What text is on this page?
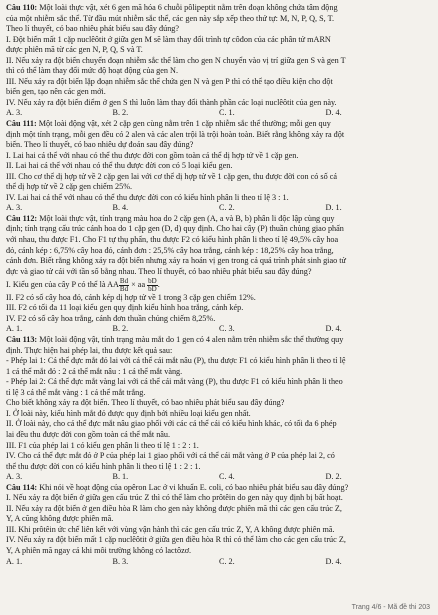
Câu 110: Một loài thực vật, xét 6 gen mã hóa 6 chuỗi pôlipeptit nằm trên đoạn không chứa tâm động

của một nhiễm sắc thể. Từ đầu mút nhiễm sắc thể, các gen này sắp xếp theo thứ tự: M, N, P, Q, S, T.

Theo lí thuyết, có bao nhiêu phát biểu sau đây đúng?

I. Đột biến mất 1 cặp nuclêôtit ở giữa gen M sẽ làm thay đổi trình tự côđon của các phân tử mARN

được phiên mã từ các gen N, P, Q, S và T.

II. Nếu xảy ra đột biến chuyển đoạn nhiễm sắc thể làm cho gen N chuyển vào vị trí giữa gen S và gen T

thì có thể làm thay đổi mức độ hoạt động của gen N.

III. Nếu xảy ra đột biến lặp đoạn nhiễm sắc thể chứa gen N và gen P thì có thể tạo điều kiện cho đột

biến gen, tạo nên các gen mới.

IV. Nếu xảy ra đột biến điểm ở gen S thì luôn làm thay đổi thành phần các loại nuclêôtit của gen này.

A. 3.	B. 2.	C. 1.	D. 4.

Câu 111: Một loài động vật, xét 2 cặp gen cùng nằm trên 1 cặp nhiễm sắc thể thường; mỗi gen quy

định một tính trạng, mỗi gen đều có 2 alen và các alen trội là trội hoàn toàn. Biết rằng không xảy ra đột

biến. Theo lí thuyết, có bao nhiêu dự đoán sau đây đúng?

I. Lai hai cá thể với nhau có thể thu được đời con gồm toàn cá thể dị hợp tử về 1 cặp gen.

II. Lai hai cá thể với nhau có thể thu được đời con có 5 loại kiểu gen.

III. Cho cơ thể dị hợp tử về 2 cặp gen lai với cơ thể dị hợp tử về 1 cặp gen, thu được đời con có số cá

thể dị hợp tử về 2 cặp gen chiếm 25%.

IV. Lai hai cá thể với nhau có thể thu được đời con có kiểu hình phân li theo tỉ lệ 3 : 1.

A. 3.	B. 4.	C. 2.	D. 1.

Câu 112: Một loài thực vật, tính trạng màu hoa do 2 cặp gen (A, a và B, b) phân li độc lập cùng quy

định; tính trạng cấu trúc cánh hoa do 1 cặp gen (D, d) quy định. Cho hai cây (P) thuần chủng giao phấn

với nhau, thu được F1. Cho F1 tự thụ phấn, thu được F2 có kiểu hình phân li theo tỉ lệ 49,5% cây hoa

đỏ, cánh kép : 6,75% cây hoa đỏ, cánh đơn : 25,5% cây hoa trắng, cánh kép : 18,25% cây hoa trắng,

cánh đơn. Biết rằng không xảy ra đột biến nhưng xảy ra hoán vị gen trong cả quá trình phát sinh giao tử

đực và giao tử cái với tần số bằng nhau. Theo lí thuyết, có bao nhiêu phát biểu sau đây đúng?

I. Kiểu gen của cây P có thể là AA $\frac{Bd}{Bd}$ × aa $\frac{bD}{bD}$ .

II. F2 có số cây hoa đỏ, cánh kép dị hợp tử về 1 trong 3 cặp gen chiếm 12%.

III. F2 có tối đa 11 loại kiểu gen quy định kiểu hình hoa trắng, cánh kép.

IV. F2 có số cây hoa trắng, cánh đơn thuần chủng chiếm 8,25%.

A. 1.	B. 2.	C. 3.	D. 4.

Câu 113: Một loài động vật, tính trạng màu mắt do 1 gen có 4 alen nằm trên nhiễm sắc thể thường quy

định. Thực hiện hai phép lai, thu được kết quả sau:

- Phép lai 1: Cá thể đực mắt đỏ lai với cá thể cái mắt nâu (P), thu được F1 có kiểu hình phân li theo tỉ lệ

1 cá thể mắt đỏ : 2 cá thể mắt nâu : 1 cá thể mắt vàng.

- Phép lai 2: Cá thể đực mắt vàng lai với cá thể cái mắt vàng (P), thu được F1 có kiểu hình phân li theo

tỉ lệ 3 cá thể mắt vàng : 1 cá thể mắt trắng.

Cho biết không xảy ra đột biến. Theo lí thuyết, có bao nhiêu phát biểu sau đây đúng?

I. Ở loài này, kiểu hình mắt đỏ được quy định bởi nhiều loại kiểu gen nhất.

II. Ở loài này, cho cá thể đực mắt nâu giao phối với các cá thể cái có kiểu hình khác, có tối đa 6 phép

lai đều thu được đời con gồm toàn cá thể mắt nâu.

III. F1 của phép lai 1 có kiểu gen phân li theo tỉ lệ 1 : 2 : 1.

IV. Cho cá thể đực mắt đỏ ở P của phép lai 1 giao phối với cá thể cái mắt vàng ở P của phép lai 2, có

thể thu được đời con có kiểu hình phân li theo tỉ lệ 1 : 2 : 1.

A. 3.	B. 1.	C. 4.	D. 2.

Câu 114: Khi nói về hoạt động của opêron Lac ở vi khuẩn E. coli, có bao nhiêu phát biểu sau đây đúng?

I. Nếu xảy ra đột biến ở giữa gen cấu trúc Z thì có thể làm cho prôtêin do gen này quy định bị bất hoạt.

II. Nếu xảy ra đột biến ở gen điều hòa R làm cho gen này không được phiên mã thì các gen cấu trúc Z,

Y, A cũng không được phiên mã.

III. Khi prôtêin ức chế liên kết với vùng vận hành thì các gen cấu trúc Z, Y, A không được phiên mã.

IV. Nếu xảy ra đột biến mất 1 cặp nuclêôtit ở giữa gen điều hòa R thì có thể làm cho các gen cấu trúc Z,

Y, A phiên mã ngay cả khi môi trường không có lactôzơ.

A. 1.	B. 3.	C. 2.	D. 4.
Trang 4/6 - Mã đề thi 203
